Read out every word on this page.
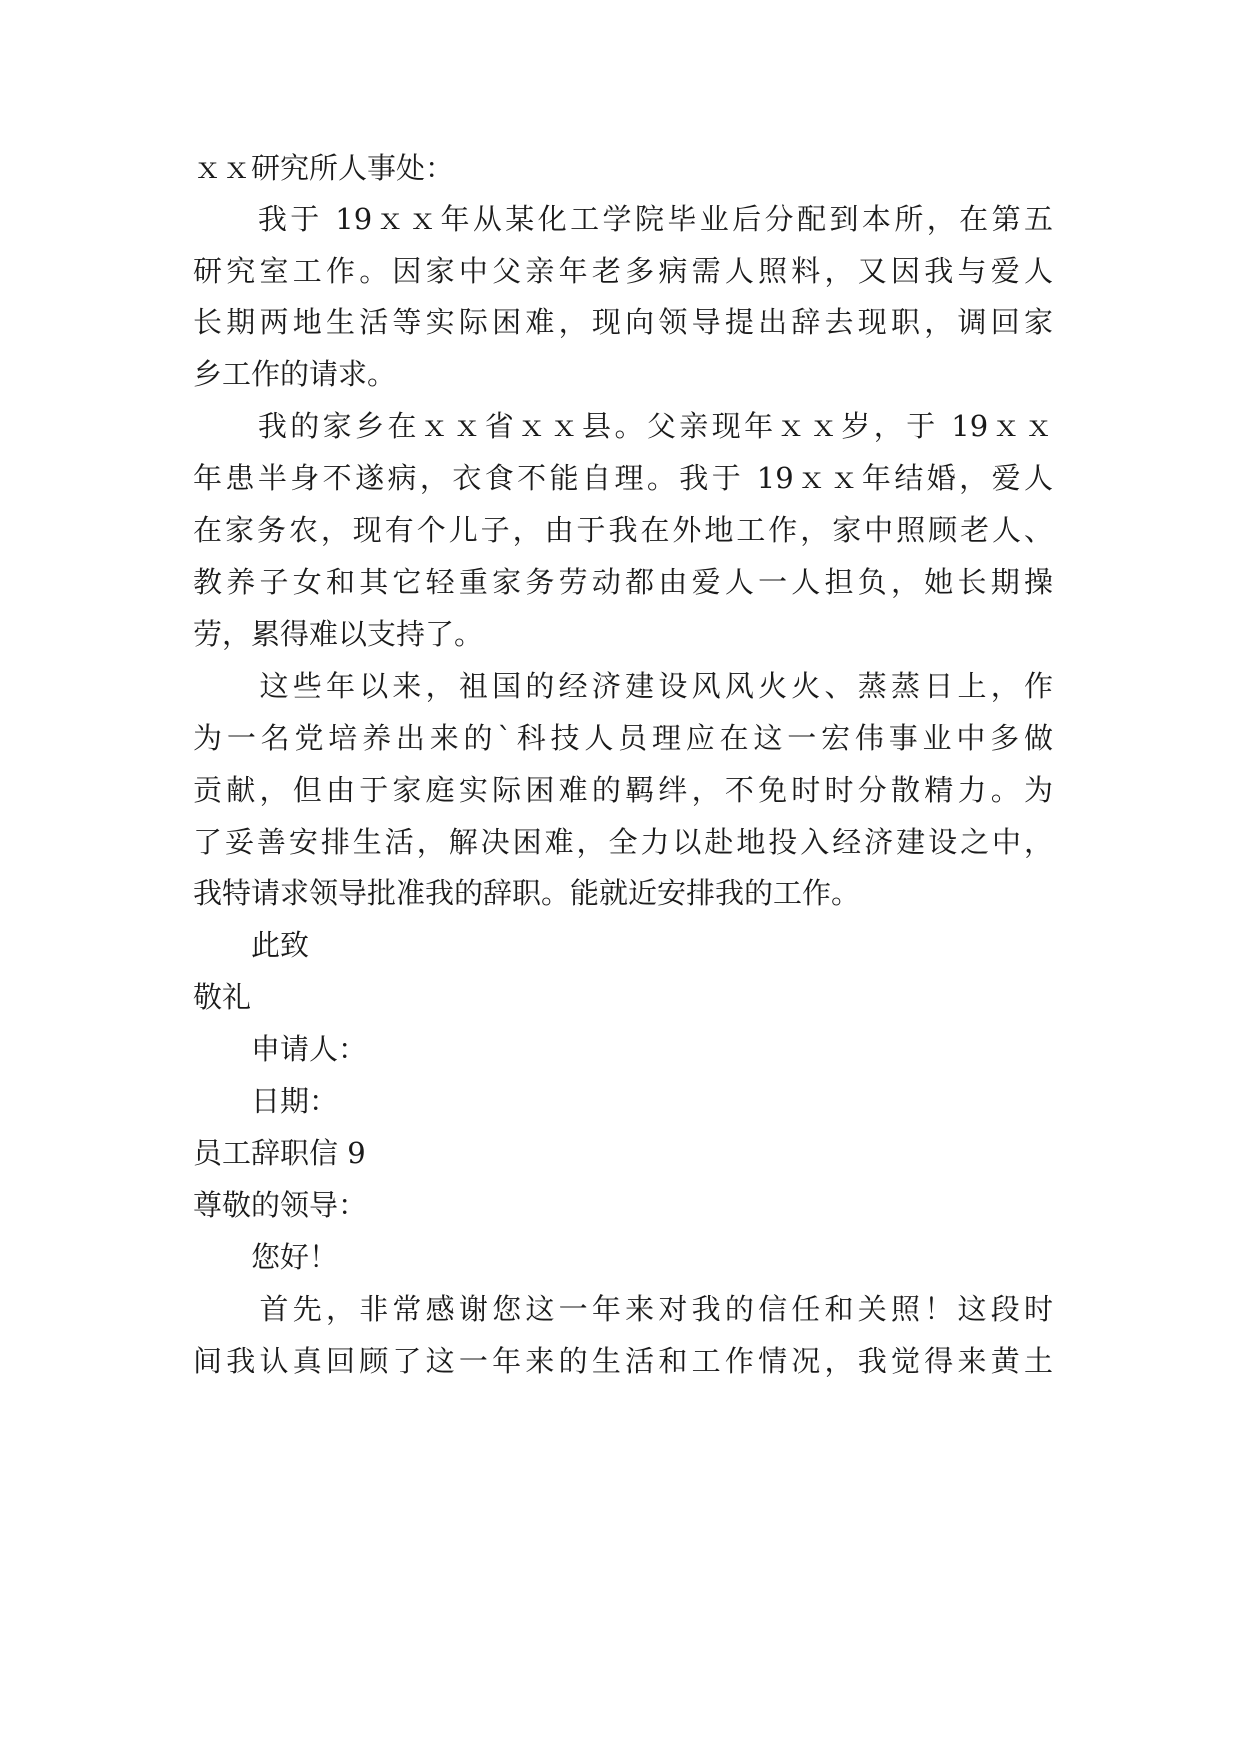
ｘｘ研究所人事处：
　　我于 19ｘｘ年从某化工学院毕业后分配到本所，在第五
研究室工作。因家中父亲年老多病需人照料，又因我与爱人
长期两地生活等实际困难，现向领导提出辞去现职，调回家
乡工作的请求。
　　我的家乡在ｘｘ省ｘｘ县。父亲现年ｘｘ岁，于 19ｘｘ
年患半身不遂病，衣食不能自理。我于 19ｘｘ年结婚，爱人
在家务农，现有个儿子，由于我在外地工作，家中照顾老人、
教养子女和其它轻重家务劳动都由爱人一人担负，她长期操
劳，累得难以支持了。
　　这些年以来，祖国的经济建设风风火火、蒸蒸日上，作
为一名党培养出来的`科技人员理应在这一宏伟事业中多做
贡献，但由于家庭实际困难的羁绊，不免时时分散精力。为
了妥善安排生活，解决困难，全力以赴地投入经济建设之中，
我特请求领导批准我的辞职。能就近安排我的工作。
　　此致
敬礼
　　申请人：
　　日期：
员工辞职信 9
尊敬的领导：
　　您好！
　　首先，非常感谢您这一年来对我的信任和关照！这段时
间我认真回顾了这一年来的生活和工作情况，我觉得来黄土
